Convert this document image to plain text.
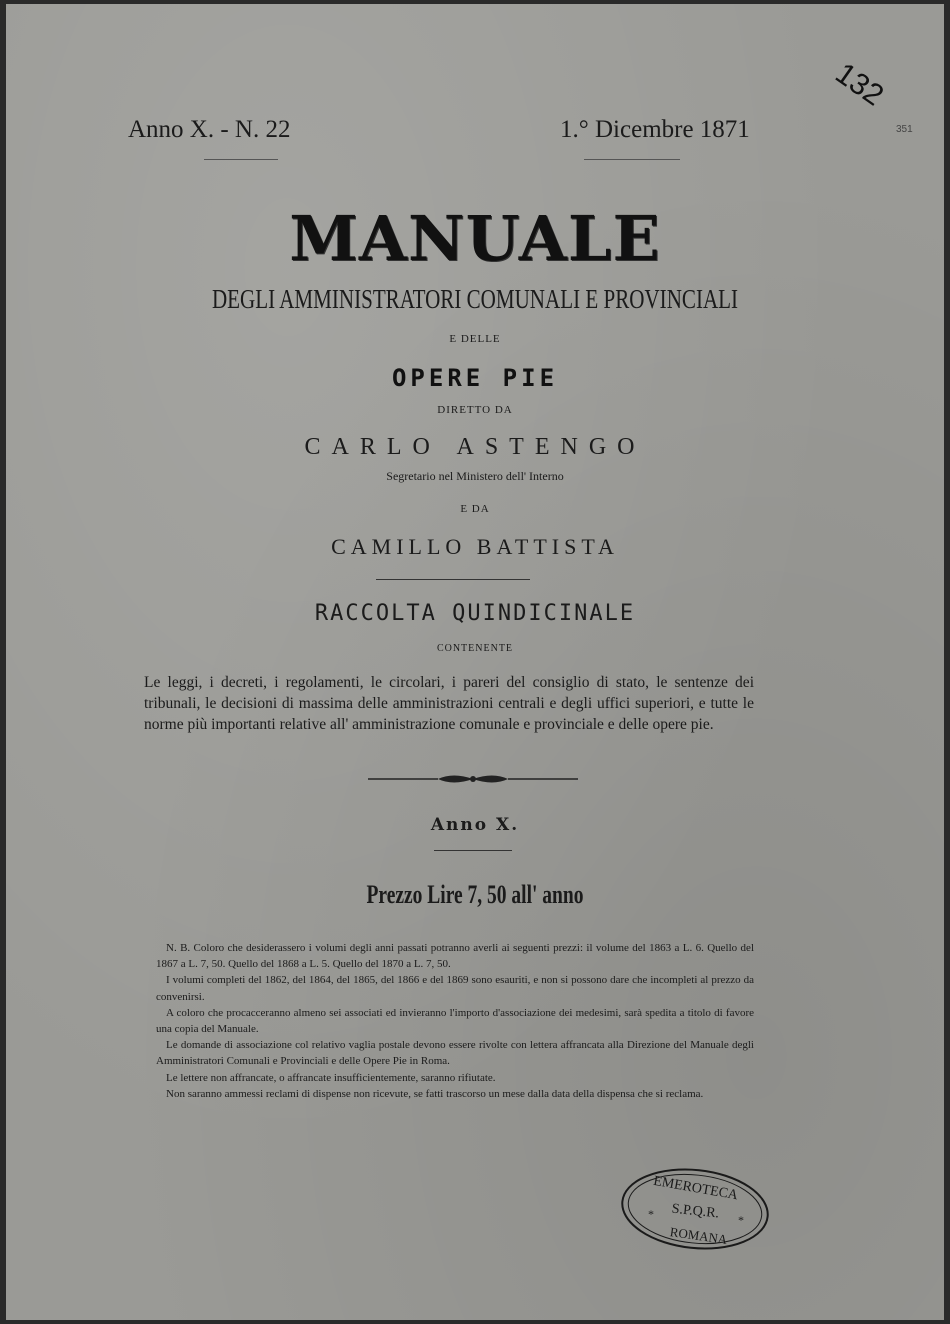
Anno X. - N. 22	1.° Dicembre 1871
132
351
MANUALE
DEGLI AMMINISTRATORI COMUNALI E PROVINCIALI
E DELLE
OPERE PIE
DIRETTO DA
CARLO ASTENGO
Segretario nel Ministero dell' Interno
E DA
CAMILLO BATTISTA
RACCOLTA QUINDICINALE
CONTENENTE
Le leggi, i decreti, i regolamenti, le circolari, i pareri del consiglio di stato, le sentenze dei tribunali, le decisioni di massima delle amministrazioni centrali e degli uffici superiori, e tutte le norme più importanti relative all' amministrazione comunale e provinciale e delle opere pie.
Anno X.
Prezzo Lire 7, 50 all' anno

N. B. Coloro che desiderassero i volumi degli anni passati potranno averli ai seguenti prezzi: il volume del 1863 a L. 6. Quello del 1867 a L. 7, 50. Quello del 1868 a L. 5. Quello del 1870 a L. 7, 50.

I volumi completi del 1862, del 1864, del 1865, del 1866 e del 1869 sono esauriti, e non si possono dare che incompleti al prezzo da convenirsi.

A coloro che procacceranno almeno sei associati ed invieranno l'importo d'associazione dei medesimi, sarà spedita a titolo di favore una copia del Manuale.

Le domande di associazione col relativo vaglia postale devono essere rivolte con lettera affrancata alla Direzione del Manuale degli Amministratori Comunali e Provinciali e delle Opere Pie in Roma.

Le lettere non affrancate, o affrancate insufficientemente, saranno rifiutate.

Non saranno ammessi reclami di dispense non ricevute, se fatti trascorso un mese dalla data della dispensa che si reclama.

EMEROTECA
S.P.Q.R.
*	*
ROMANA
